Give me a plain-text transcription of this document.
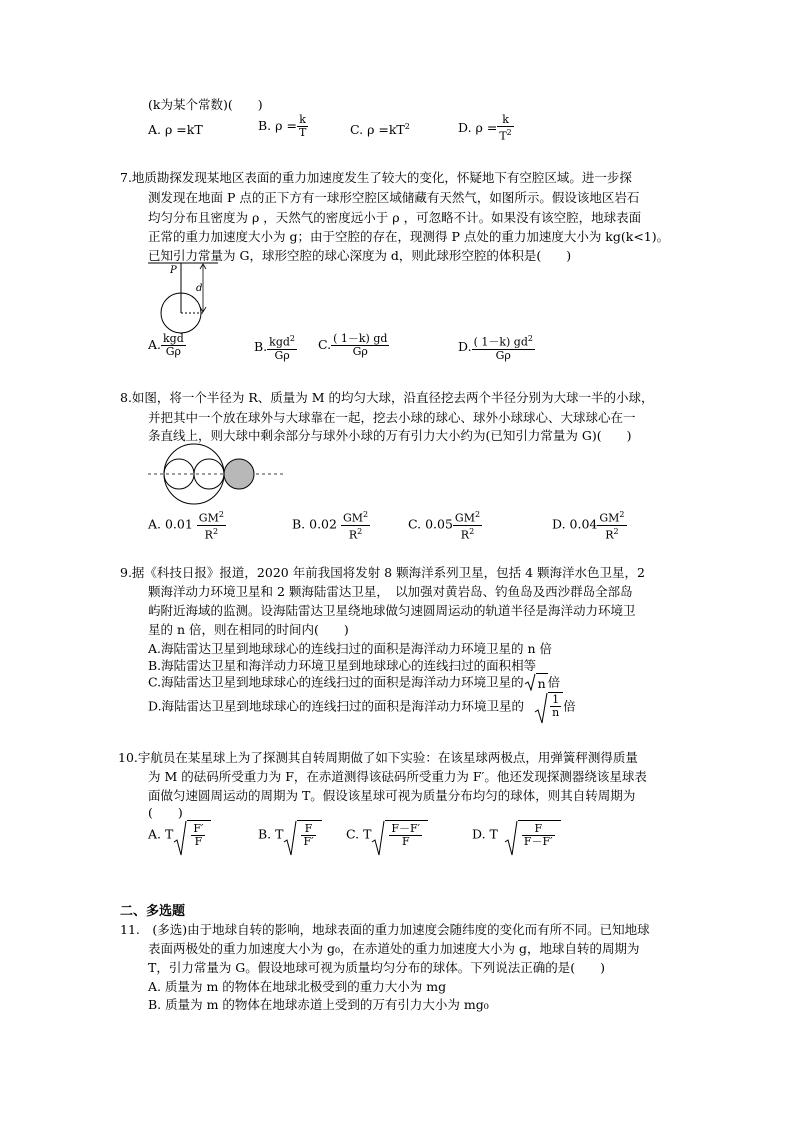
(k为某个常数)(　　)
A. ρ =kT	B. $\rho = \frac{k}{T}$	C. $\rho =kT^2$	D. $\rho = \frac{k}{T^2}$
7.地质勘探发现某地区表面的重力加速度发生了较大的变化，怀疑地下有空腔区域。进一步探
测发现在地面 P 点的正下方有一球形空腔区域储藏有天然气，如图所示。假设该地区岩石
均匀分布且密度为 ρ ，天然气的密度远小于 ρ ，可忽略不计。如果没有该空腔，地球表面
正常的重力加速度大小为 g；由于空腔的存在，现测得 P 点处的重力加速度大小为 kg(k<1)。
已知引力常量为 G，球形空腔的球心深度为 d，则此球形空腔的体积是(　　)
P
d
A. $\frac{\text{kgd}}{G\rho}$	B. $\frac{kgd^2}{G\rho} C$. $\frac{( 1-k) gd}{G\rho}$	D. $\frac{( 1-k) gd^2}{G\rho}$
8.如图，将一个半径为 R、质量为 M 的均匀大球，沿直径挖去两个半径分别为大球一半的小球，
并把其中一个放在球外与大球靠在一起，挖去小球的球心、球外小球球心、大球球心在一
条直线上，则大球中剩余部分与球外小球的万有引力大小约为(已知引力常量为 G)(　　)
A. $0.01 \frac{GM^2}{R^2}$	B. $0.02 \frac{GM^2}{R^2}$	C. $0.05 \frac{GM^2}{R^2}$	D. $0.04 \frac{GM^2}{R^2}$
9.据《科技日报》报道，2020 年前我国将发射 8 颗海洋系列卫星，包括 4 颗海洋水色卫星，2
颗海洋动力环境卫星和 2 颗海陆雷达卫星，　以加强对黄岩岛、钓鱼岛及西沙群岛全部岛
屿附近海域的监测。设海陆雷达卫星绕地球做匀速圆周运动的轨道半径是海洋动力环境卫
星的 n 倍，则在相同的时间内(　　)
A.海陆雷达卫星到地球球心的连线扫过的面积是海洋动力环境卫星的 n 倍
B.海陆雷达卫星和海洋动力环境卫星到地球球心的连线扫过的面积相等
C.海陆雷达卫星到地球球心的连线扫过的面积是海洋动力环境卫星的 n 倍
D.海陆雷达卫星到地球球心的连线扫过的面积是海洋动力环境卫星的 $\frac{1}{n}$ 倍
10.宇航员在某星球上为了探测其自转周期做了如下实验：在该星球两极点，用弹簧秤测得质量
为 M 的砝码所受重力为 F，在赤道测得该砝码所受重力为 F′。他还发现探测器绕该星球表
面做匀速圆周运动的周期为 T。假设该星球可视为质量分布均匀的球体，则其自转周期为
(　　)
A. T $\frac{F'}{F}$	B. T $\frac{F}{F'} C$. T $\frac{F-F'}{F}$	D. T $\frac{F}{F-F'}$
二、多选题
11.　(多选)由于地球自转的影响，地球表面的重力加速度会随纬度的变化而有所不同。已知地球
表面两极处的重力加速度大小为 g₀，在赤道处的重力加速度大小为 g，地球自转的周期为
T，引力常量为 G。假设地球可视为质量均匀分布的球体。下列说法正确的是(　　)
A. 质量为 m 的物体在地球北极受到的重力大小为 mg
B. 质量为 m 的物体在地球赤道上受到的万有引力大小为 mg₀
